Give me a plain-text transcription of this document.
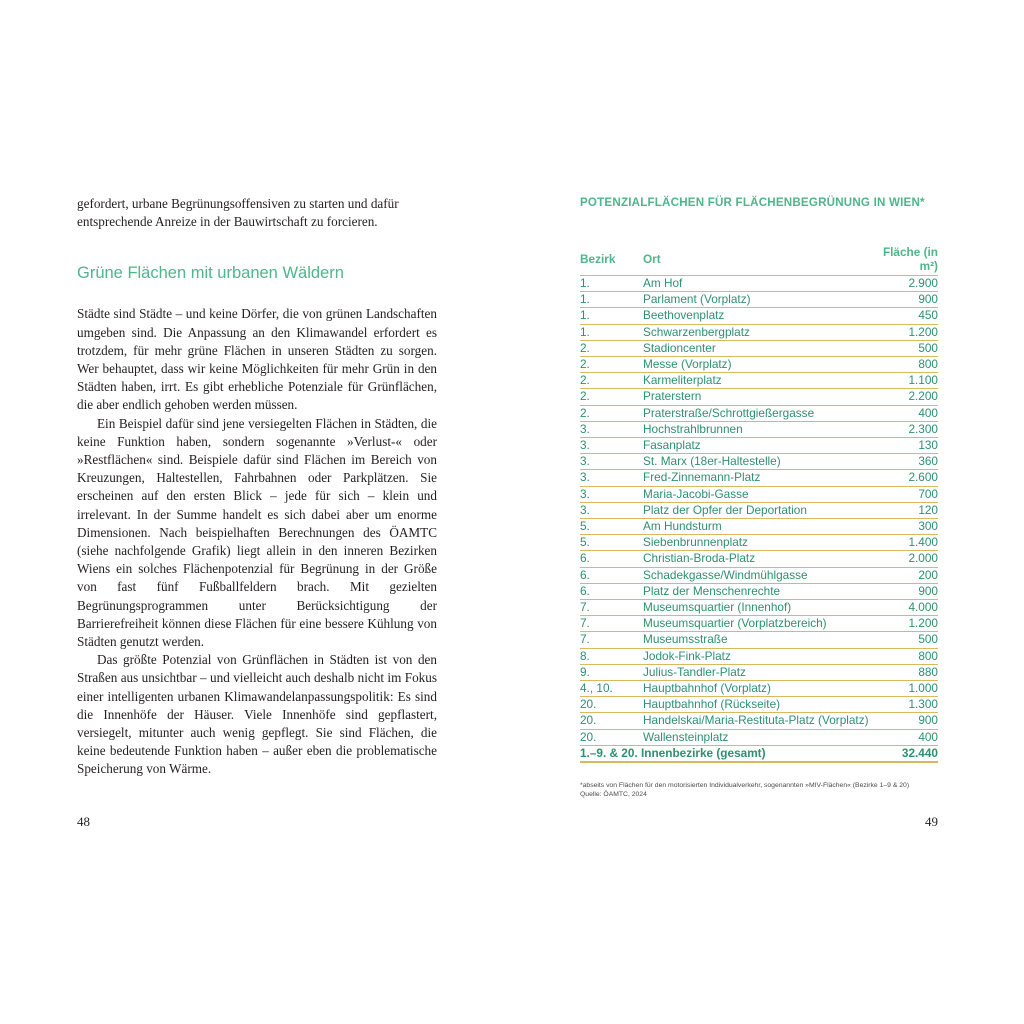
gefordert, urbane Begrünungsoffensiven zu starten und dafür

entsprechende Anreize in der Bauwirtschaft zu forcieren.

Grüne Flächen mit urbanen Wäldern

Städte sind Städte – und keine Dörfer, die von grünen Landschaften umgeben sind. Die Anpassung an den Klimawandel erfordert es trotzdem, für mehr grüne Flächen in unseren Städten zu sorgen. Wer behauptet, dass wir keine Möglichkeiten für mehr Grün in den Städten haben, irrt. Es gibt erhebliche Potenziale für Grünflächen, die aber endlich gehoben werden müssen.

Ein Beispiel dafür sind jene versiegelten Flächen in Städten, die keine Funktion haben, sondern sogenannte »Verlust-« oder »Restflächen« sind. Beispiele dafür sind Flächen im Bereich von Kreuzungen, Haltestellen, Fahrbahnen oder Parkplätzen. Sie erscheinen auf den ersten Blick – jede für sich – klein und irrelevant. In der Summe handelt es sich dabei aber um enorme Dimensionen. Nach beispielhaften Berechnungen des ÖAMTC (siehe nachfolgende Grafik) liegt allein in den inneren Bezirken Wiens ein solches Flächenpotenzial für Begrünung in der Größe von fast fünf Fußballfeldern brach. Mit gezielten Begrünungsprogrammen unter Berücksichtigung der Barrierefreiheit können diese Flächen für eine bessere Kühlung von Städten genutzt werden.

Das größte Potenzial von Grünflächen in Städten ist von den Straßen aus unsichtbar – und vielleicht auch deshalb nicht im Fokus einer intelligenten urbanen Klimawandelanpassungspolitik: Es sind die Innenhöfe der Häuser. Viele Innenhöfe sind gepflastert, versiegelt, mitunter auch wenig gepflegt. Sie sind Flächen, die keine bedeutende Funktion haben – außer eben die problematische Speicherung von Wärme.

48
POTENZIALFLÄCHEN FÜR FLÄCHENBEGRÜNUNG IN WIEN*
Bezirk	Ort	Fläche (in m²)
1.	Am Hof	2.900
1.	Parlament (Vorplatz)	900
1.	Beethovenplatz	450
1.	Schwarzenbergplatz	1.200
2.	Stadioncenter	500
2.	Messe (Vorplatz)	800
2.	Karmeliterplatz	1.100
2.	Praterstern	2.200
2.	Praterstraße/Schrottgießergasse	400
3.	Hochstrahlbrunnen	2.300
3.	Fasanplatz	130
3.	St. Marx (18er-Haltestelle)	360
3.	Fred-Zinnemann-Platz	2.600
3.	Maria-Jacobi-Gasse	700
3.	Platz der Opfer der Deportation	120
5.	Am Hundsturm	300
5.	Siebenbrunnenplatz	1.400
6.	Christian-Broda-Platz	2.000
6.	Schadekgasse/Windmühlgasse	200
6.	Platz der Menschenrechte	900
7.	Museumsquartier (Innenhof)	4.000
7.	Museumsquartier (Vorplatzbereich)	1.200
7.	Museumsstraße	500
8.	Jodok-Fink-Platz	800
9.	Julius-Tandler-Platz	880
4., 10.	Hauptbahnhof (Vorplatz)	1.000
20.	Hauptbahnhof (Rückseite)	1.300
20.	Handelskai/Maria-Restituta-Platz (Vorplatz)	900
20.	Wallensteinplatz	400
1.–9. & 20. Innenbezirke (gesamt)		32.440
*abseits von Flächen für den motorisierten Individualverkehr, sogenannten »MIV-Flächen« (Bezirke 1–9 & 20)
Quelle: ÖAMTC, 2024
49
